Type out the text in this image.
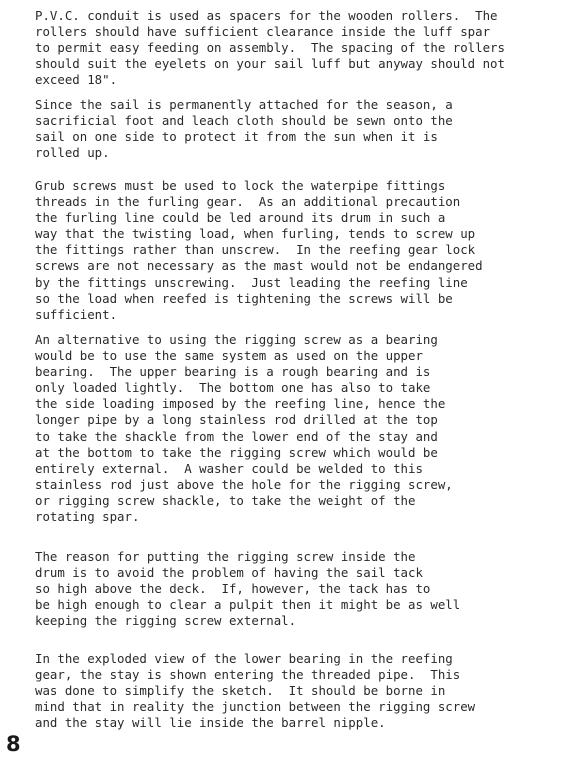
P.V.C. conduit is used as spacers for the wooden rollers.  The
rollers should have sufficient clearance inside the luff spar
to permit easy feeding on assembly.  The spacing of the rollers
should suit the eyelets on your sail luff but anyway should not
exceed 18".

Since the sail is permanently attached for the season, a
sacrificial foot and leach cloth should be sewn onto the
sail on one side to protect it from the sun when it is
rolled up.

Grub screws must be used to lock the waterpipe fittings
threads in the furling gear.  As an additional precaution
the furling line could be led around its drum in such a
way that the twisting load, when furling, tends to screw up
the fittings rather than unscrew.  In the reefing gear lock
screws are not necessary as the mast would not be endangered
by the fittings unscrewing.  Just leading the reefing line
so the load when reefed is tightening the screws will be
sufficient.

An alternative to using the rigging screw as a bearing
would be to use the same system as used on the upper
bearing.  The upper bearing is a rough bearing and is
only loaded lightly.  The bottom one has also to take
the side loading imposed by the reefing line, hence the
longer pipe by a long stainless rod drilled at the top
to take the shackle from the lower end of the stay and
at the bottom to take the rigging screw which would be
entirely external.  A washer could be welded to this
stainless rod just above the hole for the rigging screw,
or rigging screw shackle, to take the weight of the
rotating spar.

The reason for putting the rigging screw inside the
drum is to avoid the problem of having the sail tack
so high above the deck.  If, however, the tack has to
be high enough to clear a pulpit then it might be as well
keeping the rigging screw external.

In the exploded view of the lower bearing in the reefing
gear, the stay is shown entering the threaded pipe.  This
was done to simplify the sketch.  It should be borne in
mind that in reality the junction between the rigging screw
and the stay will lie inside the barrel nipple.

8
